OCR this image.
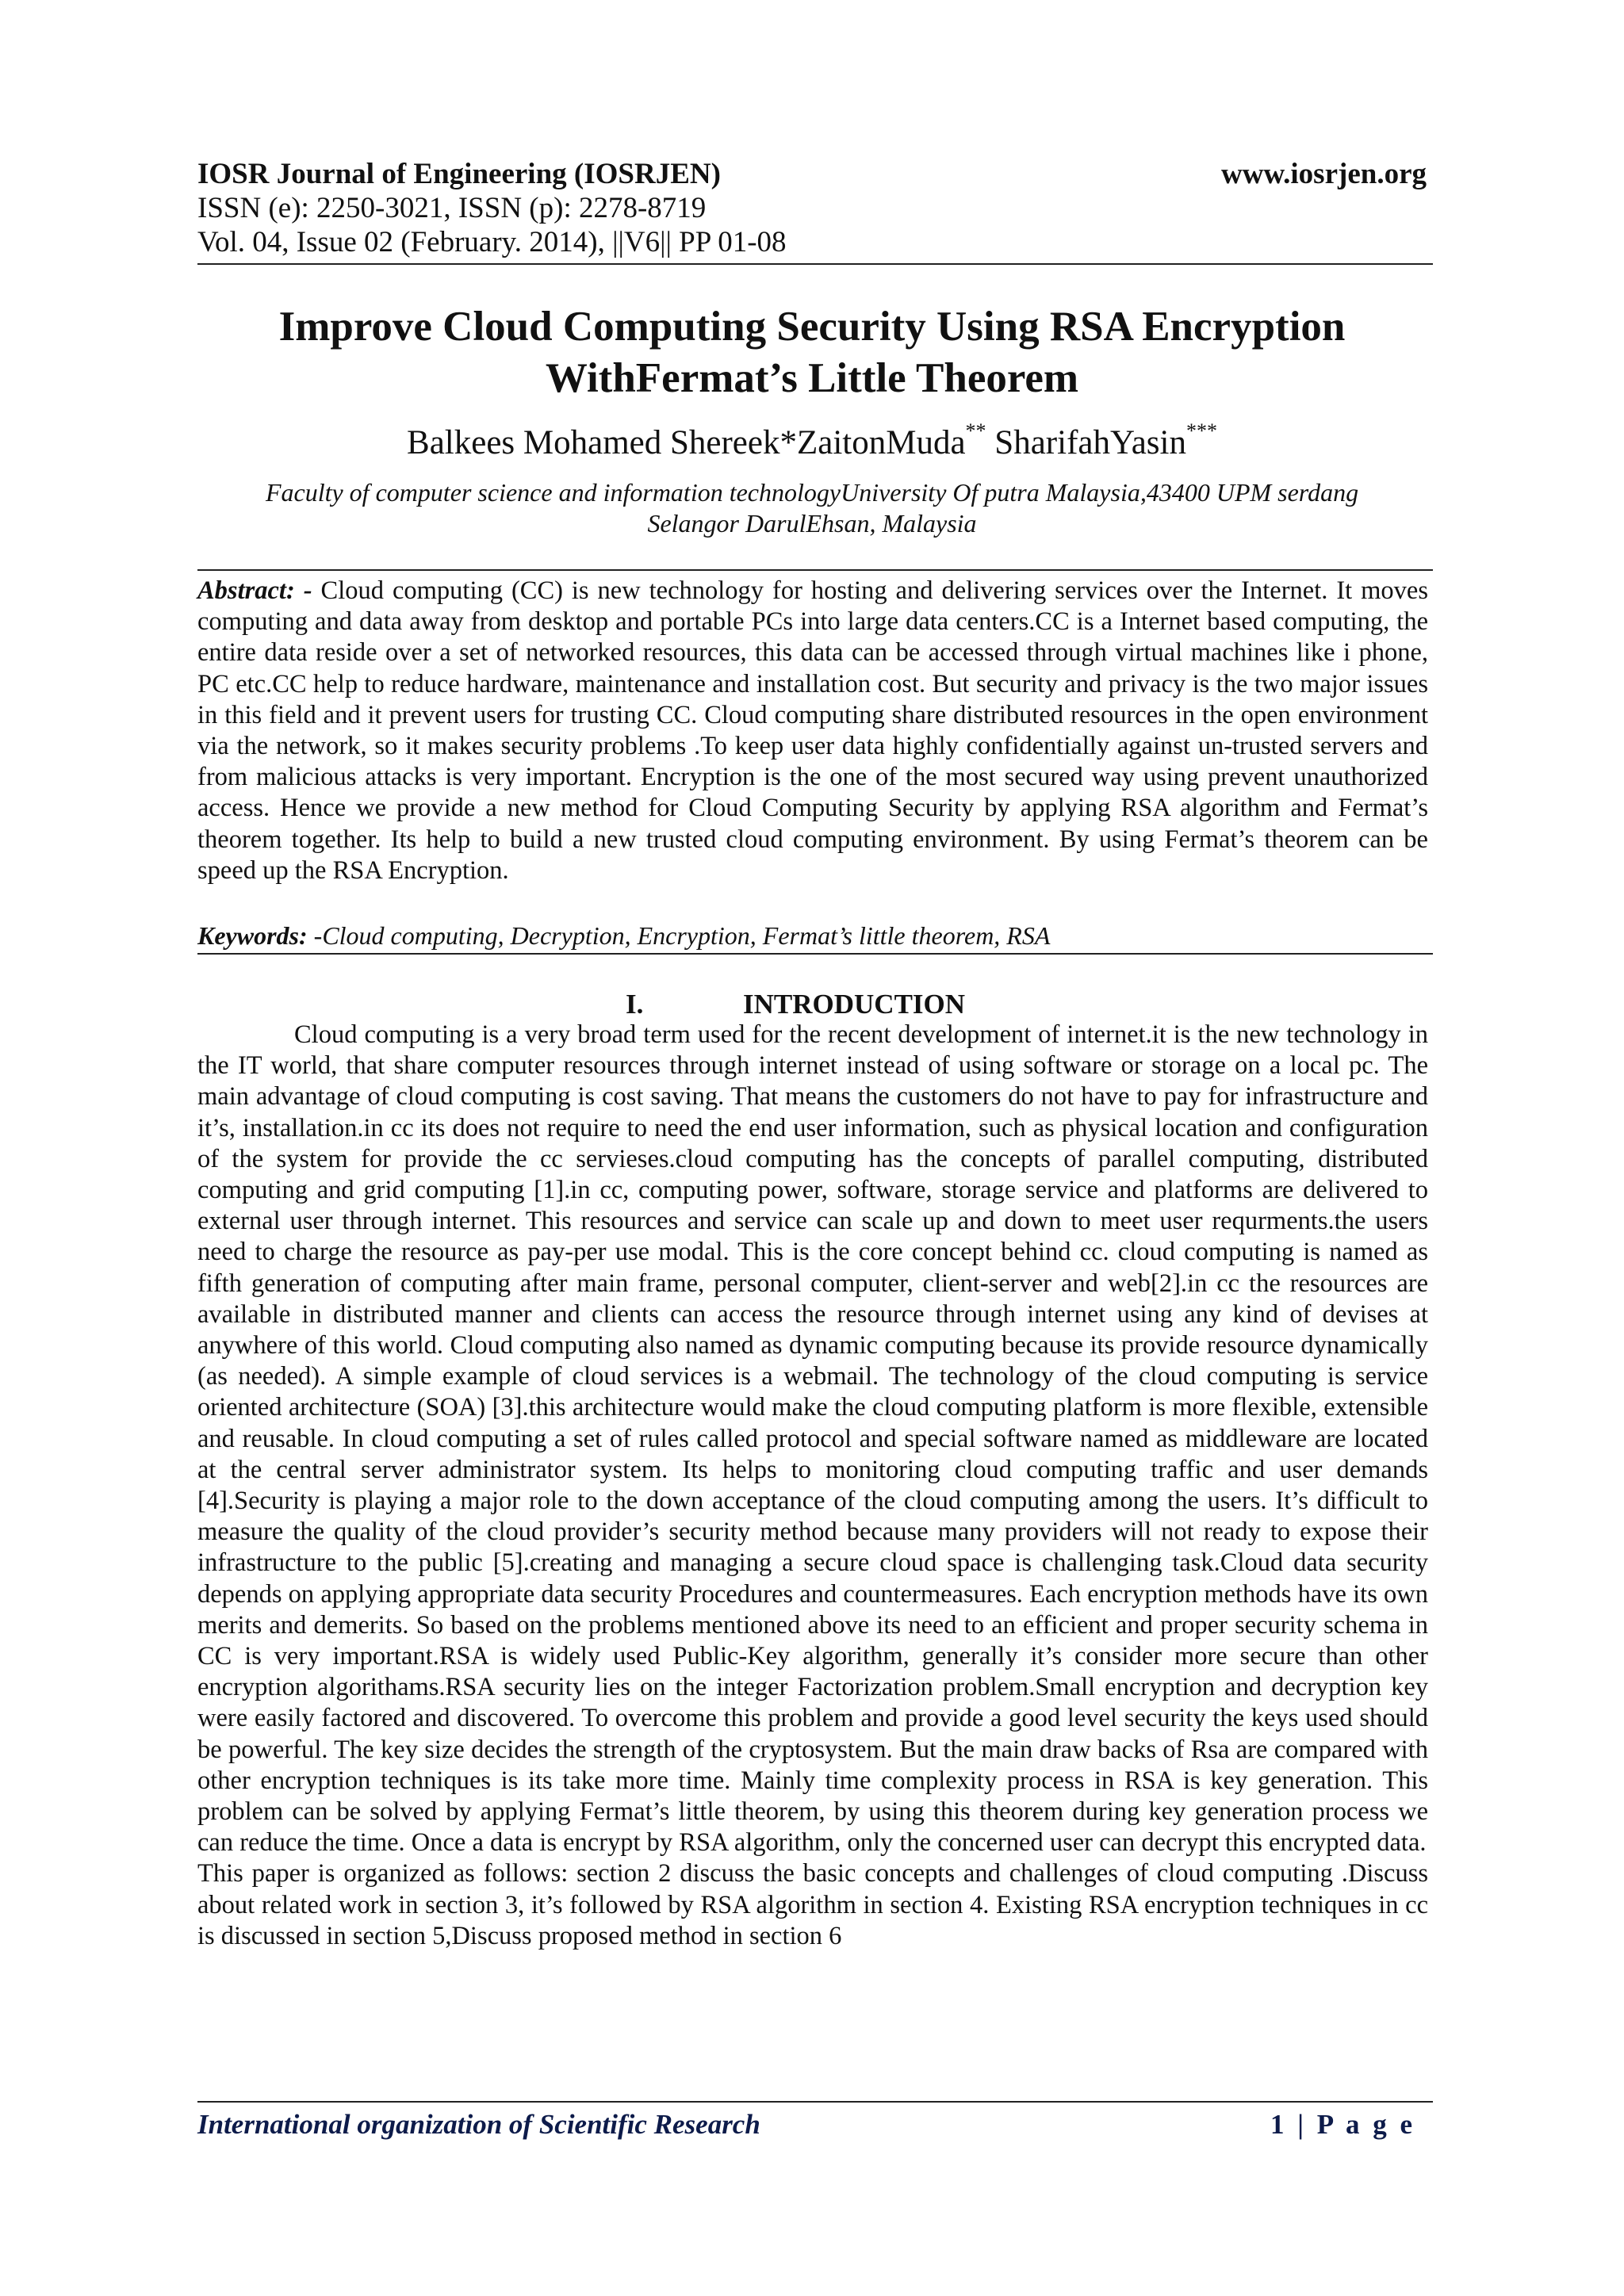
IOSR Journal of Engineering (IOSRJEN)	www.iosrjen.org
ISSN (e): 2250-3021, ISSN (p): 2278-8719
Vol. 04, Issue 02 (February. 2014), ||V6|| PP 01-08
Improve Cloud Computing Security Using RSA Encryption
WithFermat’s Little Theorem
Balkees Mohamed Shereek*ZaitonMuda** SharifahYasin***
Faculty of computer science and information technologyUniversity Of putra Malaysia,43400 UPM serdang
Selangor DarulEhsan, Malaysia
Abstract: - Cloud computing (CC) is new technology for hosting and delivering services over the Internet. It moves computing and data away from desktop and portable PCs into large data centers.CC is a Internet based computing, the entire data reside over a set of networked resources, this data can be accessed through virtual machines like i phone, PC etc.CC help to reduce hardware, maintenance and installation cost. But security and privacy is the two major issues in this field and it prevent users for trusting CC. Cloud computing share distributed resources in the open environment via the network, so it makes security problems .To keep user data highly confidentially against un-trusted servers and from malicious attacks is very important. Encryption is the one of the most secured way using prevent unauthorized access. Hence we provide a new method for Cloud Computing Security by applying RSA algorithm and Fermat’s theorem together. Its help to build a new trusted cloud computing environment. By using Fermat’s theorem can be speed up the RSA Encryption.
Keywords: -Cloud computing, Decryption, Encryption, Fermat’s little theorem, RSA
I.	INTRODUCTION

Cloud computing is a very broad term used for the recent development of internet.it is the new technology in the IT world, that share computer resources through internet instead of using software or storage on a local pc. The main advantage of cloud computing is cost saving. That means the customers do not have to pay for infrastructure and it’s, installation.in cc its does not require to need the end user information, such as physical location and configuration of the system for provide the cc servieses.cloud computing has the concepts of parallel computing, distributed computing and grid computing [1].in cc, computing power, software, storage service and platforms are delivered to external user through internet. This resources and service can scale up and down to meet user requrments.the users need to charge the resource as pay-per use modal. This is the core concept behind cc. cloud computing is named as fifth generation of computing after main frame, personal computer, client-server and web[2].in cc the resources are available in distributed manner and clients can access the resource through internet using any kind of devises at anywhere of this world. Cloud computing also named as dynamic computing because its provide resource dynamically (as needed). A simple example of cloud services is a webmail. The technology of the cloud computing is service oriented architecture (SOA) [3].this architecture would make the cloud computing platform is more flexible, extensible and reusable. In cloud computing a set of rules called protocol and special software named as middleware are located at the central server administrator system. Its helps to monitoring cloud computing traffic and user demands [4].Security is playing a major role to the down acceptance of the cloud computing among the users. It’s difficult to measure the quality of the cloud provider’s security method because many providers will not ready to expose their infrastructure to the public [5].creating and managing a secure cloud space is challenging task.Cloud data security depends on applying appropriate data security Procedures and countermeasures. Each encryption methods have its own merits and demerits. So based on the problems mentioned above its need to an efficient and proper security schema in CC is very important.RSA is widely used Public-Key algorithm, generally it’s consider more secure than other encryption algorithams.RSA security lies on the integer Factorization problem.Small encryption and decryption key were easily factored and discovered. To overcome this problem and provide a good level security the keys used should be powerful. The key size decides the strength of the cryptosystem. But the main draw backs of Rsa are compared with other encryption techniques is its take more time. Mainly time complexity process in RSA is key generation. This problem can be solved by applying Fermat’s little theorem, by using this theorem during key generation process we can reduce the time. Once a data is encrypt by RSA algorithm, only the concerned user can decrypt this encrypted data.

This paper is organized as follows: section 2 discuss the basic concepts and challenges of cloud computing .Discuss about related work in section 3, it’s followed by RSA algorithm in section 4. Existing RSA encryption techniques in cc is discussed in section 5,Discuss proposed method in section 6

International organization of Scientific Research	1 | P a g e
